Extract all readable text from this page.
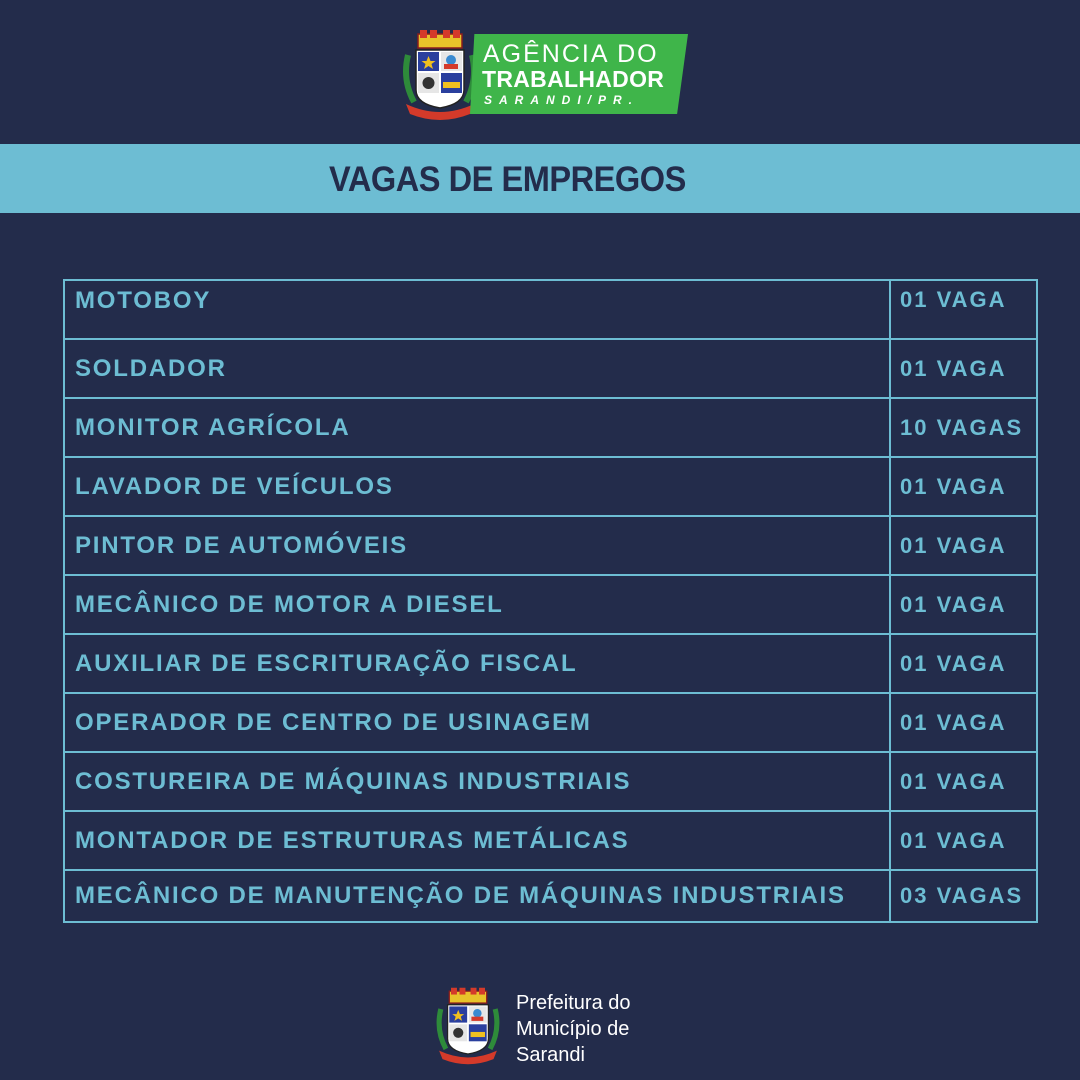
AGÊNCIA DO
TRABALHADOR
SARANDI/PR.
VAGAS DE EMPREGOS
MOTOBOY	01 VAGA
SOLDADOR	01 VAGA
MONITOR AGRÍCOLA	10 VAGAS
LAVADOR DE VEÍCULOS	01 VAGA
PINTOR DE AUTOMÓVEIS	01 VAGA
MECÂNICO DE MOTOR A DIESEL	01 VAGA
AUXILIAR DE ESCRITURAÇÃO FISCAL	01 VAGA
OPERADOR DE CENTRO DE USINAGEM	01 VAGA
COSTUREIRA DE MÁQUINAS INDUSTRIAIS	01 VAGA
MONTADOR DE ESTRUTURAS METÁLICAS	01 VAGA
MECÂNICO DE MANUTENÇÃO DE MÁQUINAS INDUSTRIAIS	03 VAGAS
Prefeitura do
Município de
Sarandi
